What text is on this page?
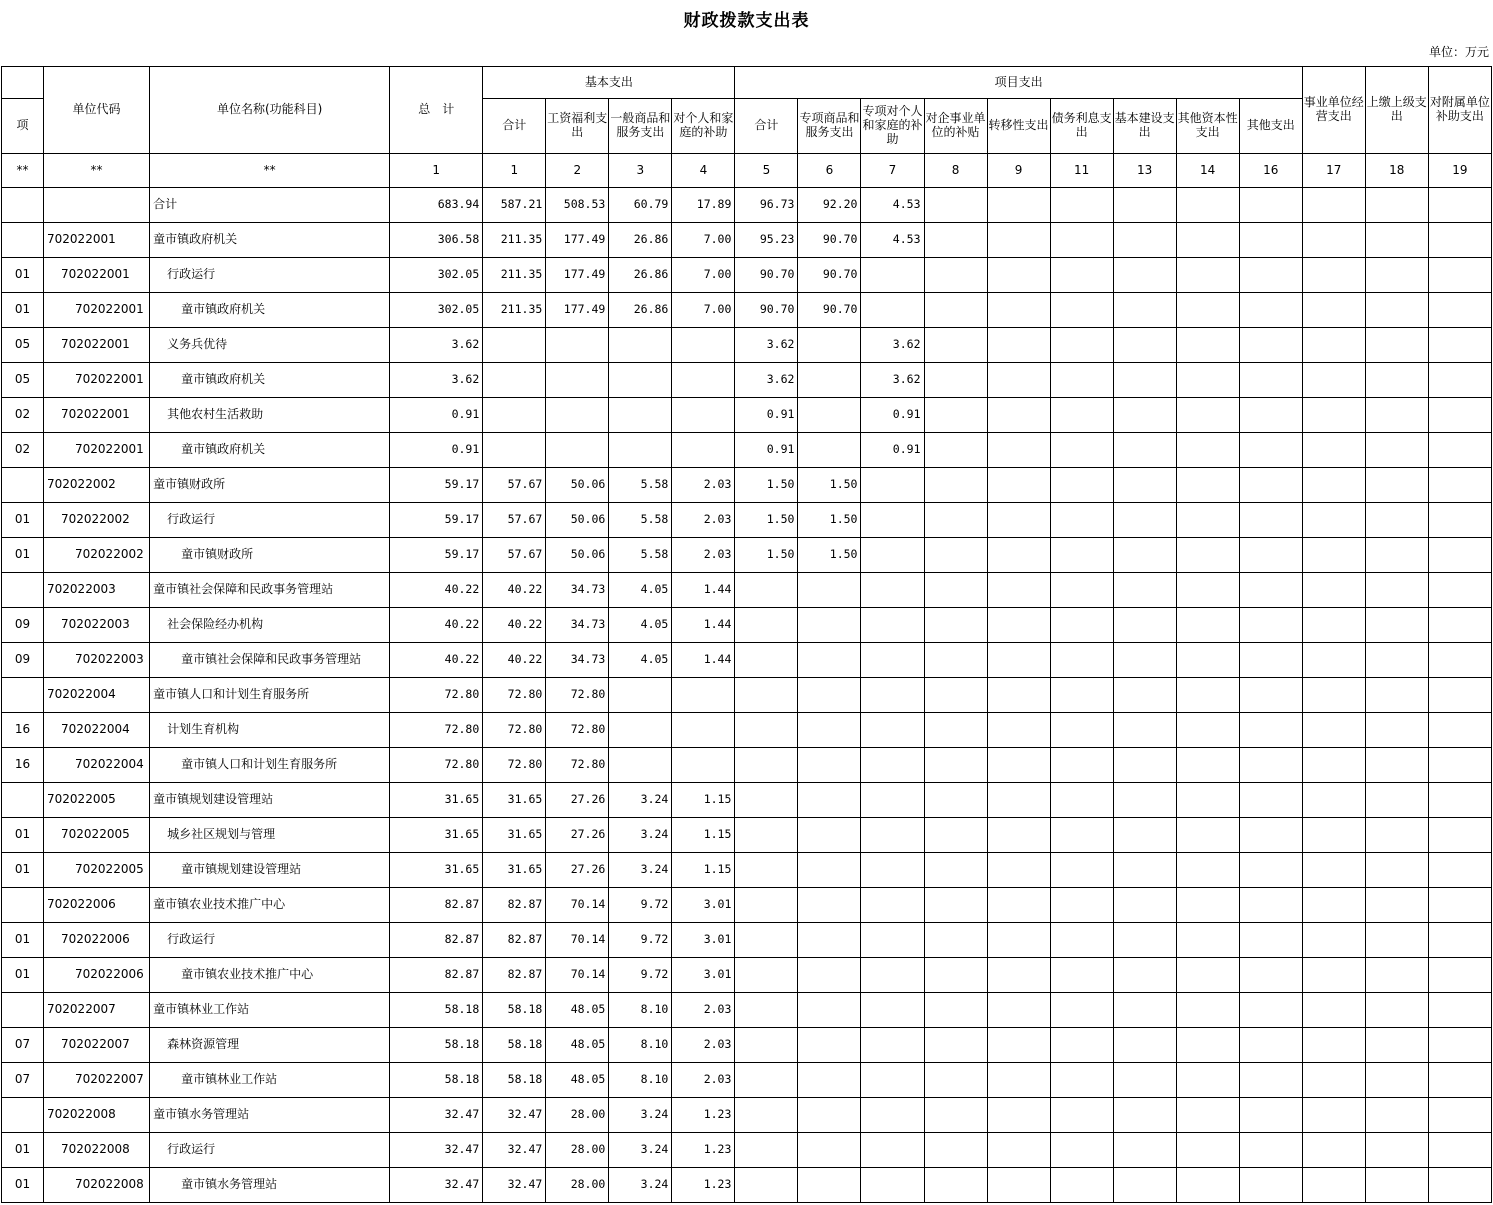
财政拨款支出表
单位：万元
	单位代码	单位名称(功能科目)	总　计	基本支出				项目支出									事业单位经营支出	上缴上级支出	对附属单位补助支出
项				合计	工资福利支出	一般商品和服务支出	对个人和家庭的补助	合计	专项商品和服务支出	专项对个人和家庭的补助	对企事业单位的补贴	转移性支出	债务利息支出	基本建设支出	其他资本性支出	其他支出			
**	**	**	1	1	2	3	4	5	6	7	8	9	11	13	14	16	17	18	19
		合计	683.94	587.21	508.53	60.79	17.89	96.73	92.20	4.53									
	702022001	童市镇政府机关	306.58	211.35	177.49	26.86	7.00	95.23	90.70	4.53									
01	702022001	行政运行	302.05	211.35	177.49	26.86	7.00	90.70	90.70										
01	702022001	童市镇政府机关	302.05	211.35	177.49	26.86	7.00	90.70	90.70										
05	702022001	义务兵优待	3.62					3.62		3.62									
05	702022001	童市镇政府机关	3.62					3.62		3.62									
02	702022001	其他农村生活救助	0.91					0.91		0.91									
02	702022001	童市镇政府机关	0.91					0.91		0.91									
	702022002	童市镇财政所	59.17	57.67	50.06	5.58	2.03	1.50	1.50										
01	702022002	行政运行	59.17	57.67	50.06	5.58	2.03	1.50	1.50										
01	702022002	童市镇财政所	59.17	57.67	50.06	5.58	2.03	1.50	1.50										
	702022003	童市镇社会保障和民政事务管理站	40.22	40.22	34.73	4.05	1.44												
09	702022003	社会保险经办机构	40.22	40.22	34.73	4.05	1.44												
09	702022003	童市镇社会保障和民政事务管理站	40.22	40.22	34.73	4.05	1.44												
	702022004	童市镇人口和计划生育服务所	72.80	72.80	72.80														
16	702022004	计划生育机构	72.80	72.80	72.80														
16	702022004	童市镇人口和计划生育服务所	72.80	72.80	72.80														
	702022005	童市镇规划建设管理站	31.65	31.65	27.26	3.24	1.15												
01	702022005	城乡社区规划与管理	31.65	31.65	27.26	3.24	1.15												
01	702022005	童市镇规划建设管理站	31.65	31.65	27.26	3.24	1.15												
	702022006	童市镇农业技术推广中心	82.87	82.87	70.14	9.72	3.01												
01	702022006	行政运行	82.87	82.87	70.14	9.72	3.01												
01	702022006	童市镇农业技术推广中心	82.87	82.87	70.14	9.72	3.01												
	702022007	童市镇林业工作站	58.18	58.18	48.05	8.10	2.03												
07	702022007	森林资源管理	58.18	58.18	48.05	8.10	2.03												
07	702022007	童市镇林业工作站	58.18	58.18	48.05	8.10	2.03												
	702022008	童市镇水务管理站	32.47	32.47	28.00	3.24	1.23												
01	702022008	行政运行	32.47	32.47	28.00	3.24	1.23												
01	702022008	童市镇水务管理站	32.47	32.47	28.00	3.24	1.23												
